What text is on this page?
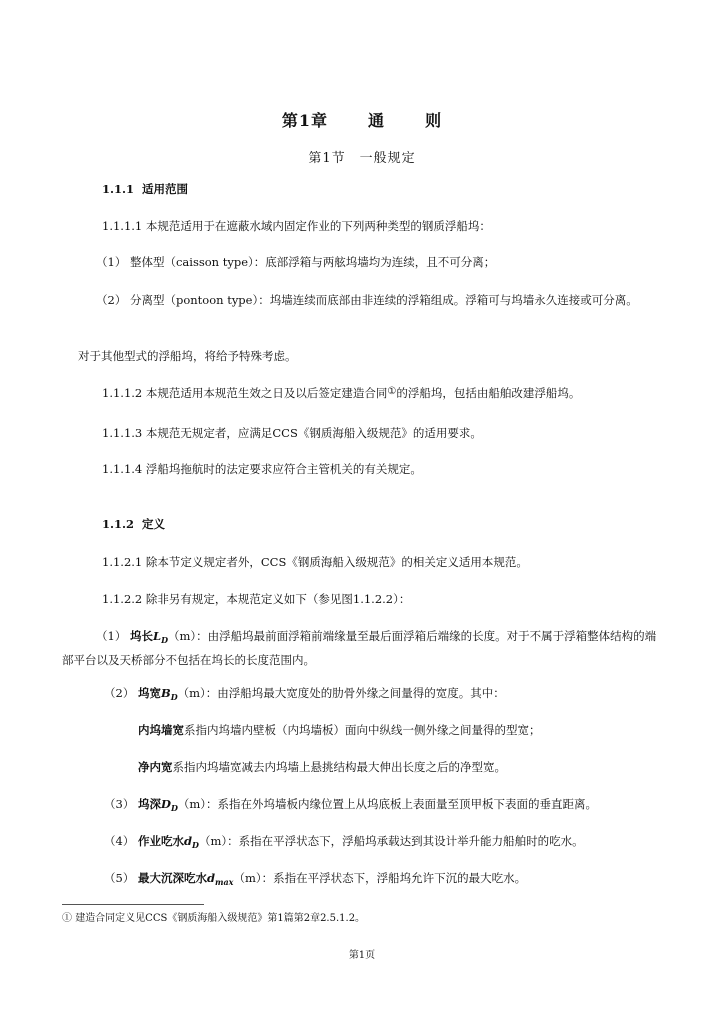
第1章	通	则
第1节 一般规定
1.1.1 适用范围
1.1.1.1 本规范适用于在遮蔽水域内固定作业的下列两种类型的钢质浮船坞：
（1） 整体型（caisson type）：底部浮箱与两舷坞墙均为连续，且不可分离；
（2） 分离型（pontoon type）：坞墙连续而底部由非连续的浮箱组成。浮箱可与坞墙永久连接或可分离。
对于其他型式的浮船坞，将给予特殊考虑。
1.1.1.2 本规范适用本规范生效之日及以后签定建造合同①的浮船坞，包括由船舶改建浮船坞。
1.1.1.3 本规范无规定者，应满足CCS《钢质海船入级规范》的适用要求。
1.1.1.4 浮船坞拖航时的法定要求应符合主管机关的有关规定。
1.1.2 定义
1.1.2.1 除本节定义规定者外，CCS《钢质海船入级规范》的相关定义适用本规范。
1.1.2.2 除非另有规定，本规范定义如下（参见图1.1.2.2）：
（1） 坞长$L_D(m)$：由浮船坞最前面浮箱前端缘量至最后面浮箱后端缘的长度。对于不属于浮箱整体结构的端部平台以及天桥部分不包括在坞长的长度范围内。
（2） 坞宽$B_D(m)$：由浮船坞最大宽度处的肋骨外缘之间量得的宽度。其中：
内坞墙宽系指内坞墙内壁板（内坞墙板）面向中纵线一侧外缘之间量得的型宽；
净内宽系指内坞墙宽减去内坞墙上悬挑结构最大伸出长度之后的净型宽。
（3） 坞深$D_D(m)$：系指在外坞墙板内缘位置上从坞底板上表面量至顶甲板下表面的垂直距离。
（4） 作业吃水$d_D(m)$：系指在平浮状态下，浮船坞承载达到其设计举升能力船舶时的吃水。
（5） 最大沉深吃水$d_{max}(m)$：系指在平浮状态下，浮船坞允许下沉的最大吃水。
① 建造合同定义见CCS《钢质海船入级规范》第1篇第2章2.5.1.2。
第1页
